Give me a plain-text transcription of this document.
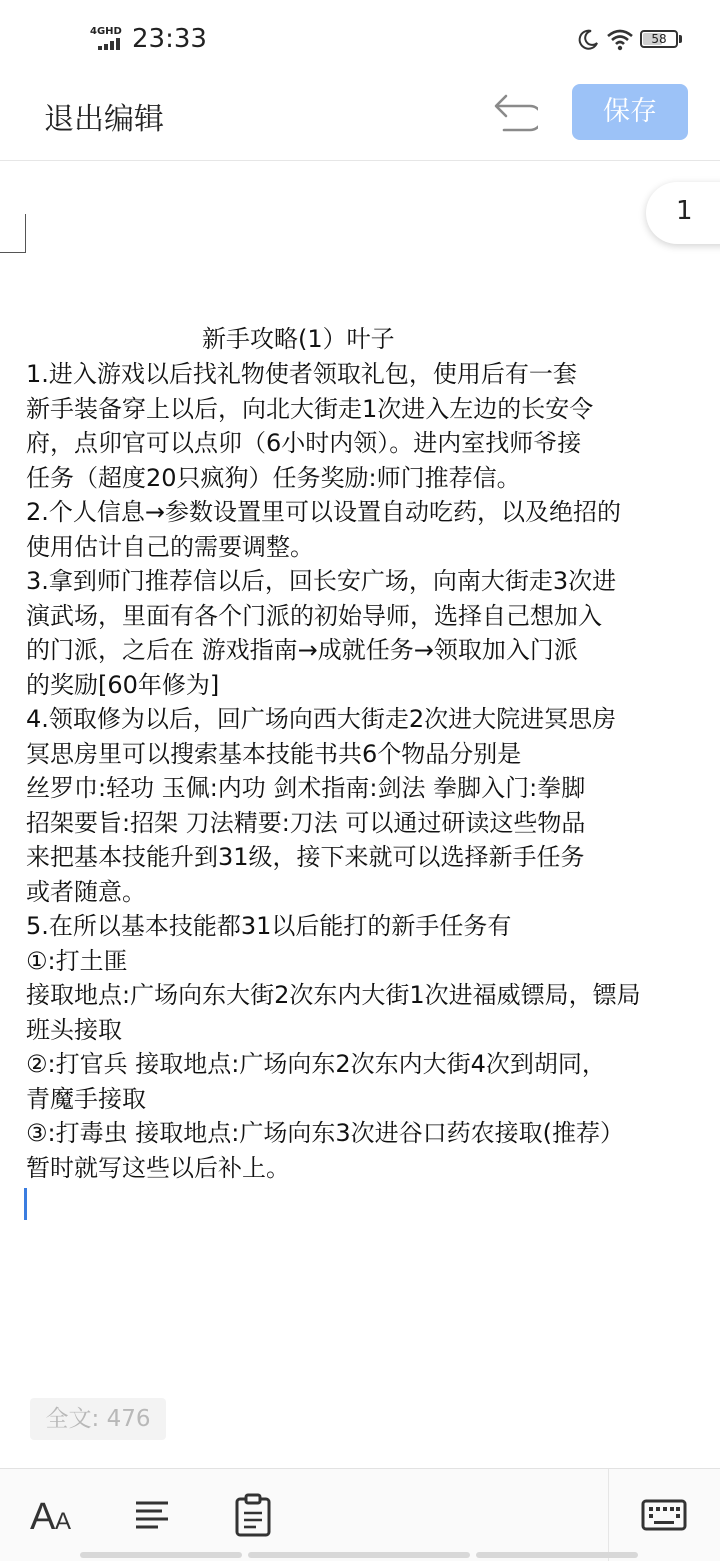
4GHD 23:33	58
退出编辑	保存
1
新手攻略(1）叶子
1.进入游戏以后找礼物使者领取礼包，使用后有一套
新手装备穿上以后，向北大街走1次进入左边的长安令
府，点卯官可以点卯（6小时内领）。进内室找师爷接
任务（超度20只疯狗）任务奖励:师门推荐信。
2.个人信息→参数设置里可以设置自动吃药，以及绝招的
使用估计自己的需要调整。
3.拿到师门推荐信以后，回长安广场，向南大街走3次进
演武场，里面有各个门派的初始导师，选择自己想加入
的门派，之后在 游戏指南→成就任务→领取加入门派
的奖励[60年修为]
4.领取修为以后，回广场向西大街走2次进大院进冥思房
冥思房里可以搜索基本技能书共6个物品分别是
丝罗巾:轻功 玉佩:内功 剑术指南:剑法 拳脚入门:拳脚
招架要旨:招架 刀法精要:刀法 可以通过研读这些物品
来把基本技能升到31级，接下来就可以选择新手任务
或者随意。
5.在所以基本技能都31以后能打的新手任务有
①:打土匪
接取地点:广场向东大街2次东内大街1次进福威镖局，镖局
班头接取
②:打官兵 接取地点:广场向东2次东内大街4次到胡同，
青魔手接取
③:打毒虫 接取地点:广场向东3次进谷口药农接取(推荐）
暂时就写这些以后补上。
全文: 476
A A
